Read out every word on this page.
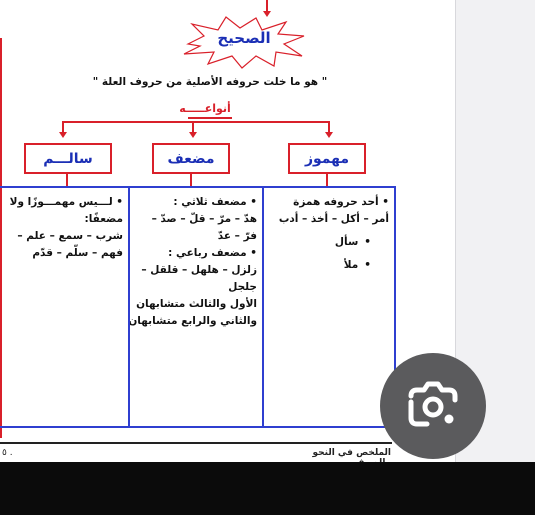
الصحيح
" هو ما خلت حروفه الأصلية من حروف العلة "
أنواعـــــه
مهموز
مضعف
سالـــم

• أحد حروفه همزة

أمر – أكل – أخذ – أدب

• سأل

• ملأ

• مضعف ثلاثي :

هدّ – مرّ – قلّ – صدّ –

فرّ – عدّ

• مضعف رباعي :

زلزل – هلهل – قلقل –

جلجل

الأول والثالث متشابهان

والثاني والرابع متشابهان

• لـــيس مهمـــوزًا ولا

مضعفًا:

شرب – سمع – علم –

فهم – سلّم – قدّم

الملخص في النحو
٥ .
